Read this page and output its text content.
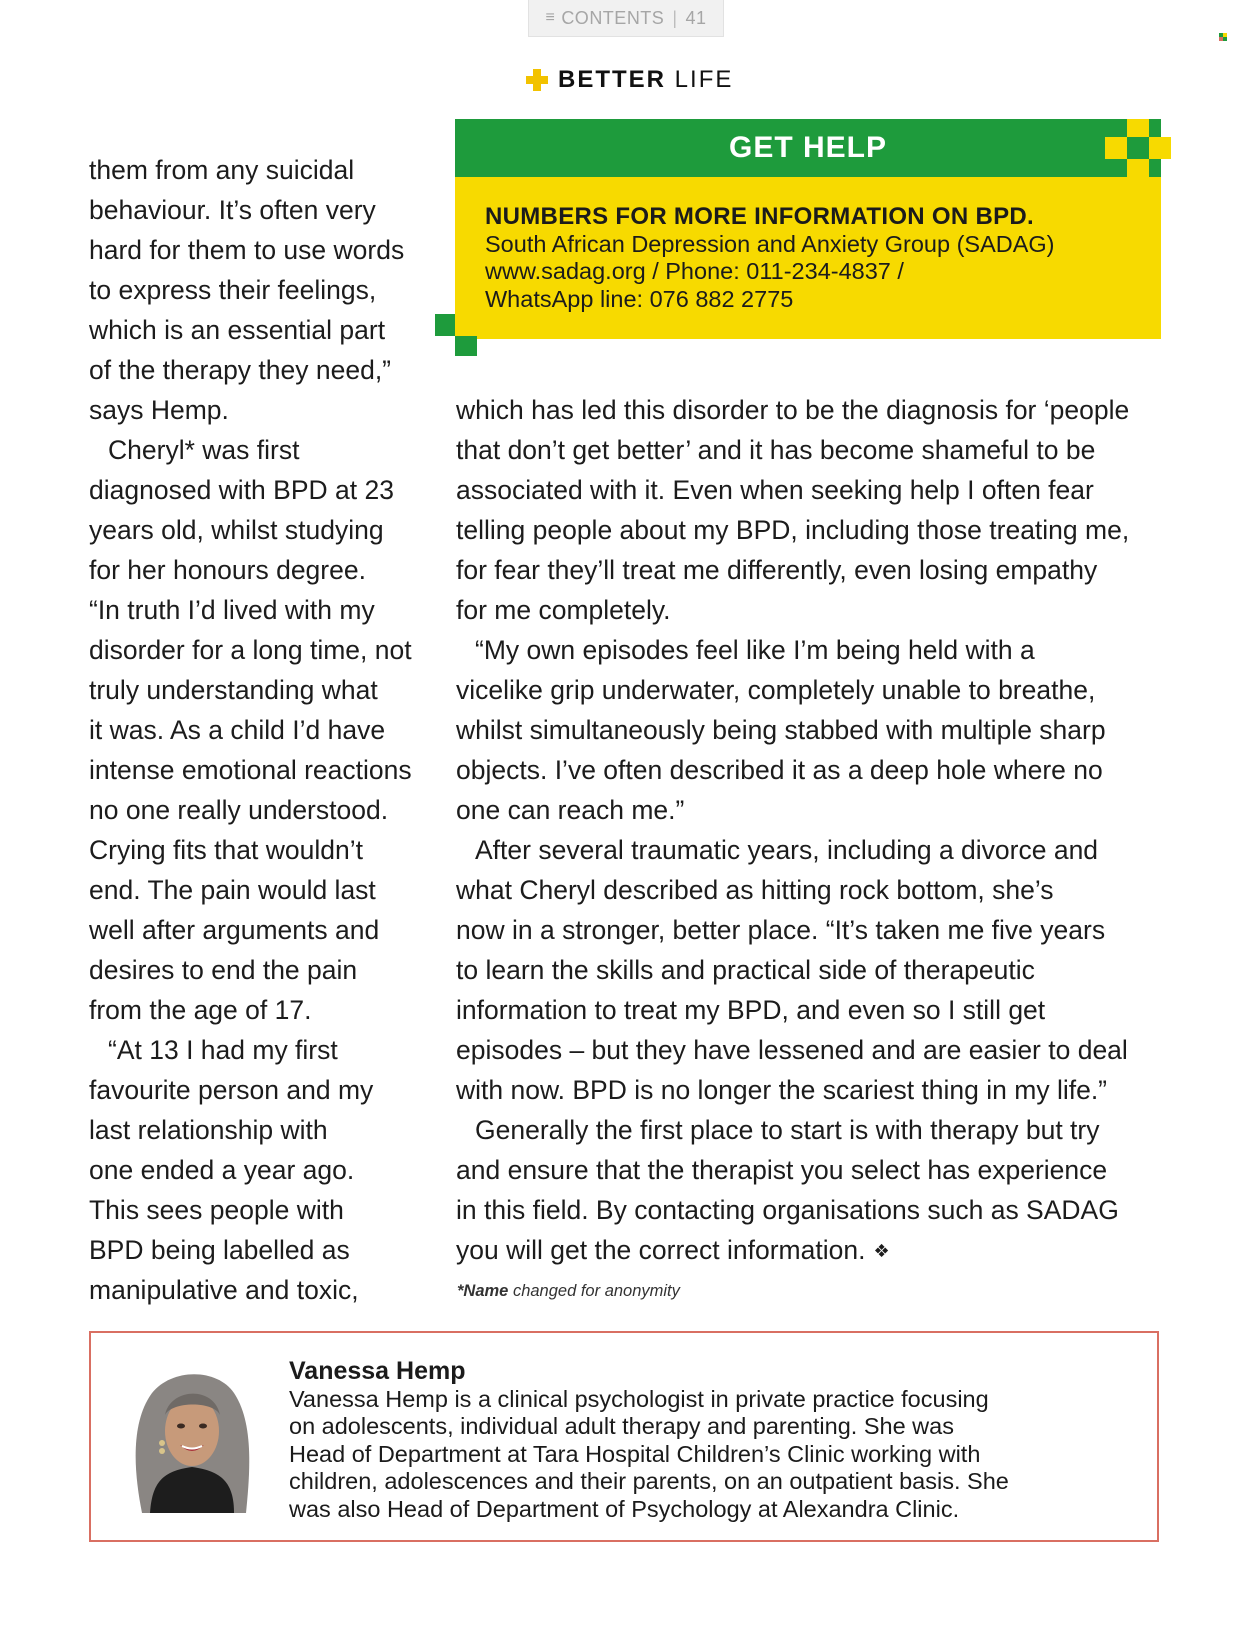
≡ CONTENTS | 41
BETTER LIFE
GET HELP
NUMBERS FOR MORE INFORMATION ON BPD.
South African Depression and Anxiety Group (SADAG)
www.sadag.org / Phone: 011-234-4837 /
WhatsApp line: 076 882 2775
them from any suicidal
behaviour. It’s often very
hard for them to use words
to express their feelings,
which is an essential part
of the therapy they need,”
says Hemp.
Cheryl* was first
diagnosed with BPD at 23
years old, whilst studying
for her honours degree.
“In truth I’d lived with my
disorder for a long time, not
truly understanding what
it was. As a child I’d have
intense emotional reactions
no one really understood.
Crying fits that wouldn’t
end. The pain would last
well after arguments and
desires to end the pain
from the age of 17.
“At 13 I had my first
favourite person and my
last relationship with
one ended a year ago.
This sees people with
BPD being labelled as
manipulative and toxic,
which has led this disorder to be the diagnosis for ‘people
that don’t get better’ and it has become shameful to be
associated with it. Even when seeking help I often fear
telling people about my BPD, including those treating me,
for fear they’ll treat me differently, even losing empathy
for me completely.
“My own episodes feel like I’m being held with a
vicelike grip underwater, completely unable to breathe,
whilst simultaneously being stabbed with multiple sharp
objects. I’ve often described it as a deep hole where no
one can reach me.”
After several traumatic years, including a divorce and
what Cheryl described as hitting rock bottom, she’s
now in a stronger, better place. “It’s taken me five years
to learn the skills and practical side of therapeutic
information to treat my BPD, and even so I still get
episodes – but they have lessened and are easier to deal
with now. BPD is no longer the scariest thing in my life.”
Generally the first place to start is with therapy but try
and ensure that the therapist you select has experience
in this field. By contacting organisations such as SADAG
you will get the correct information. ❖
*Name changed for anonymity
Vanessa Hemp
Vanessa Hemp is a clinical psychologist in private practice focusing
on adolescents, individual adult therapy and parenting. She was
Head of Department at Tara Hospital Children’s Clinic working with
children, adolescences and their parents, on an outpatient basis. She
was also Head of Department of Psychology at Alexandra Clinic.
